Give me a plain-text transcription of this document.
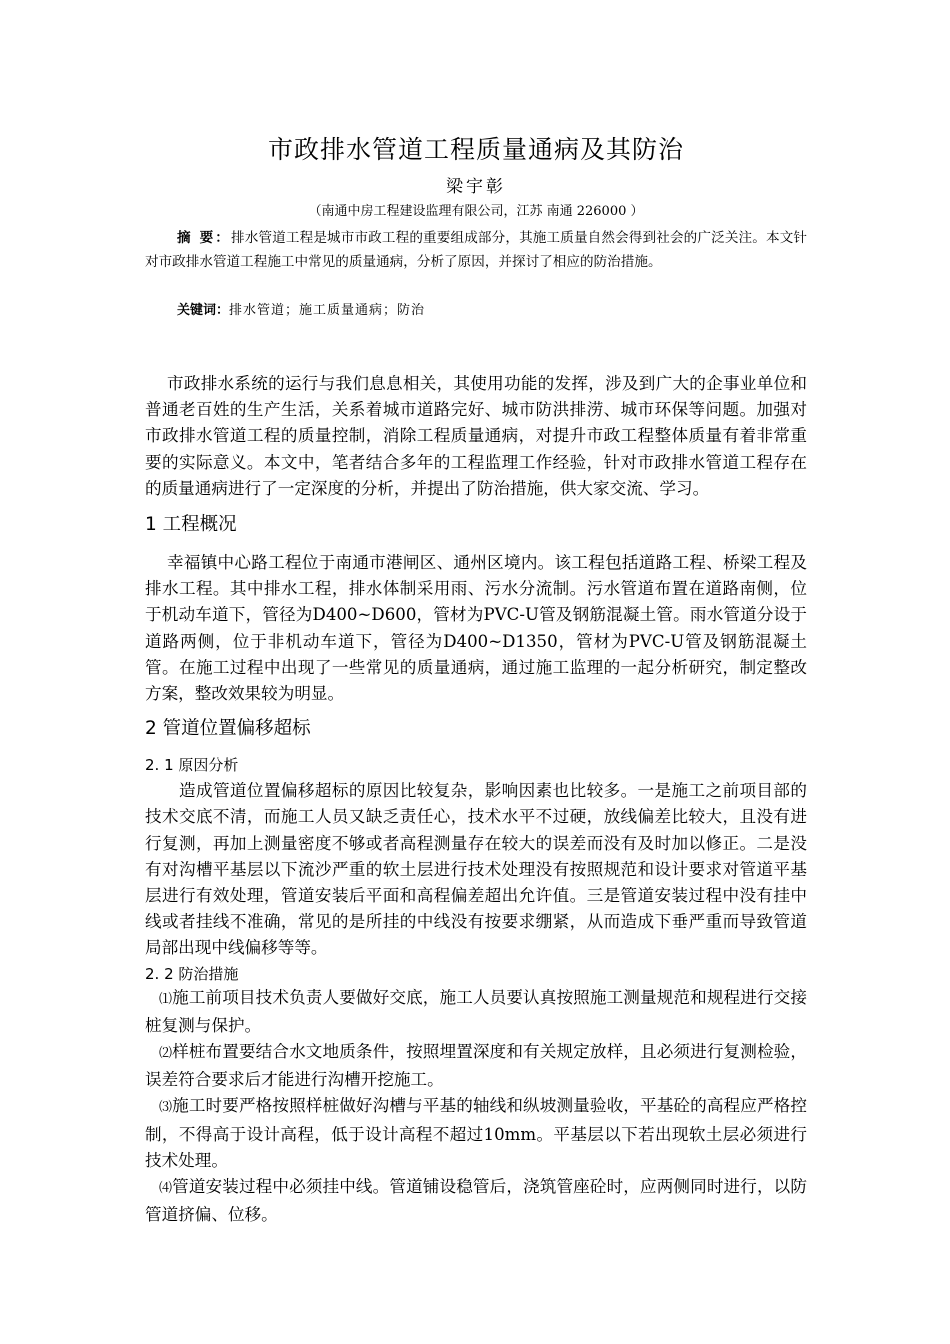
市政排水管道工程质量通病及其防治
梁宇彰
（南通中房工程建设监理有限公司，江苏 南通 226000 ）
摘 要：排水管道工程是城市市政工程的重要组成部分，其施工质量自然会得到社会的广泛关注。本文针对市政排水管道工程施工中常见的质量通病，分析了原因，并探讨了相应的防治措施。
关键词：排水管道；施工质量通病；防治

市政排水系统的运行与我们息息相关，其使用功能的发挥，涉及到广大的企事业单位和普通老百姓的生产生活，关系着城市道路完好、城市防洪排涝、城市环保等问题。加强对市政排水管道工程的质量控制，消除工程质量通病，对提升市政工程整体质量有着非常重要的实际意义。本文中，笔者结合多年的工程监理工作经验，针对市政排水管道工程存在的质量通病进行了一定深度的分析，并提出了防治措施，供大家交流、学习。

1 工程概况

幸福镇中心路工程位于南通市港闸区、通州区境内。该工程包括道路工程、桥梁工程及排水工程。其中排水工程，排水体制采用雨、污水分流制。污水管道布置在道路南侧，位于机动车道下，管径为D400~D600，管材为PVC-U管及钢筋混凝土管。雨水管道分设于道路两侧，位于非机动车道下，管径为D400~D1350，管材为PVC-U管及钢筋混凝土管。在施工过程中出现了一些常见的质量通病，通过施工监理的一起分析研究，制定整改方案，整改效果较为明显。

2 管道位置偏移超标
2. 1 原因分析

造成管道位置偏移超标的原因比较复杂，影响因素也比较多。一是施工之前项目部的技术交底不清，而施工人员又缺乏责任心，技术水平不过硬，放线偏差比较大，且没有进行复测，再加上测量密度不够或者高程测量存在较大的误差而没有及时加以修正。二是没有对沟槽平基层以下流沙严重的软土层进行技术处理没有按照规范和设计要求对管道平基层进行有效处理，管道安装后平面和高程偏差超出允许值。三是管道安装过程中没有挂中线或者挂线不准确，常见的是所挂的中线没有按要求绷紧，从而造成下垂严重而导致管道局部出现中线偏移等等。

2. 2 防治措施

⑴施工前项目技术负责人要做好交底，施工人员要认真按照施工测量规范和规程进行交接桩复测与保护。

⑵样桩布置要结合水文地质条件，按照埋置深度和有关规定放样，且必须进行复测检验，误差符合要求后才能进行沟槽开挖施工。

⑶施工时要严格按照样桩做好沟槽与平基的轴线和纵坡测量验收，平基砼的高程应严格控制，不得高于设计高程，低于设计高程不超过10mm。平基层以下若出现软土层必须进行技术处理。

⑷管道安装过程中必须挂中线。管道铺设稳管后，浇筑管座砼时，应两侧同时进行，以防管道挤偏、位移。
